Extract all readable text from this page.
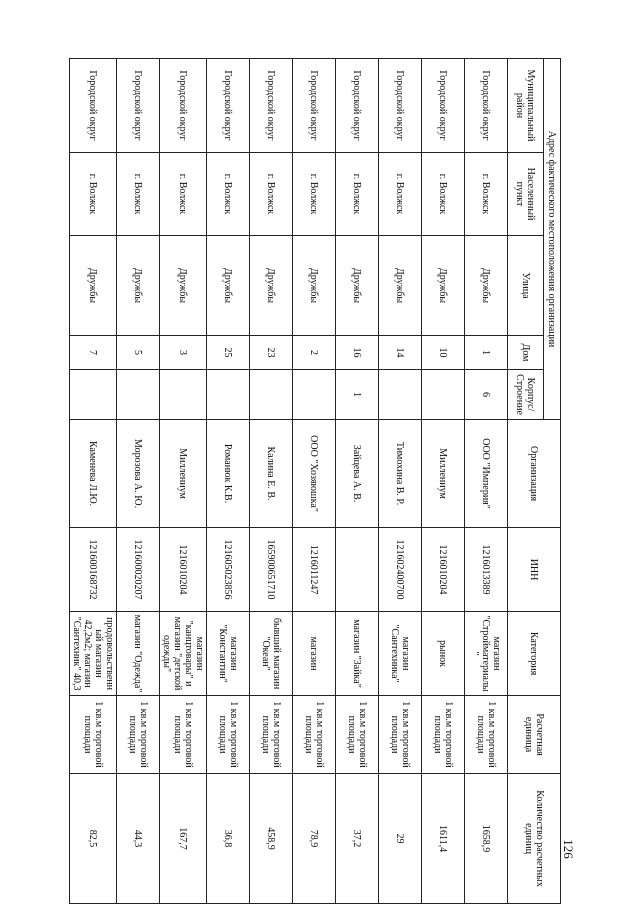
126
Адрес фактического местоположения организации					Организация	ИНН	Категория	Расчетная единица	Количество расчетных единиц
Муниципальный район	Населенный пункт	Улица	Дом	Корпус/ Строение					
Городской округ	г. Волжск	Дружбы	1	6	ООО "Империя"	1216013389	магазин "Стройматериалы"	1 кв.м торговой площади	1658,9
Городской округ	г. Волжск	Дружбы	10		Миллениум	1216010204	рынок	1 кв.м торговой площади	1611,4
Городской округ	г. Волжск	Дружбы	14		Тимохина В. Р.	121602400700	магазин "Сантехника"	1 кв.м торговой площади	29
Городской округ	г. Волжск	Дружбы	16	1	Зайцева А. В.		магазин "Зайка"	1 кв.м торговой площади	37,2
Городской округ	г. Волжск	Дружбы	2		ООО "Хозяюшка"	1216011247	магазин	1 кв.м торговой площади	78,9
Городской округ	г. Волжск	Дружбы	23		Калина Е. В.	165900651710	бывший магазин "Океан"	1 кв.м торговой площади	458,9
Городской округ	г. Волжск	Дружбы	25		Романюк К.В.	121605023856	магазин "Константин"	1 кв.м торговой площади	36,8
Городской округ	г. Волжск	Дружбы	3		Миллениум	1216010204	магазин "канцтовары" и магазин "детской одежды"	1 кв.м торговой площади	167,7
Городской округ	г. Волжск	Дружбы	5		Морозова А. Ю.	121600020207	магазин "Одежда"	1 кв.м торговой площади	44,3
Городской округ	г. Волжск	Дружбы	7		Каменева Л.Ю.	121600168732	продовольственный магазин 42,2м2; магазин "Сантехник" 40,3	1 кв.м торговой площади	82,5
